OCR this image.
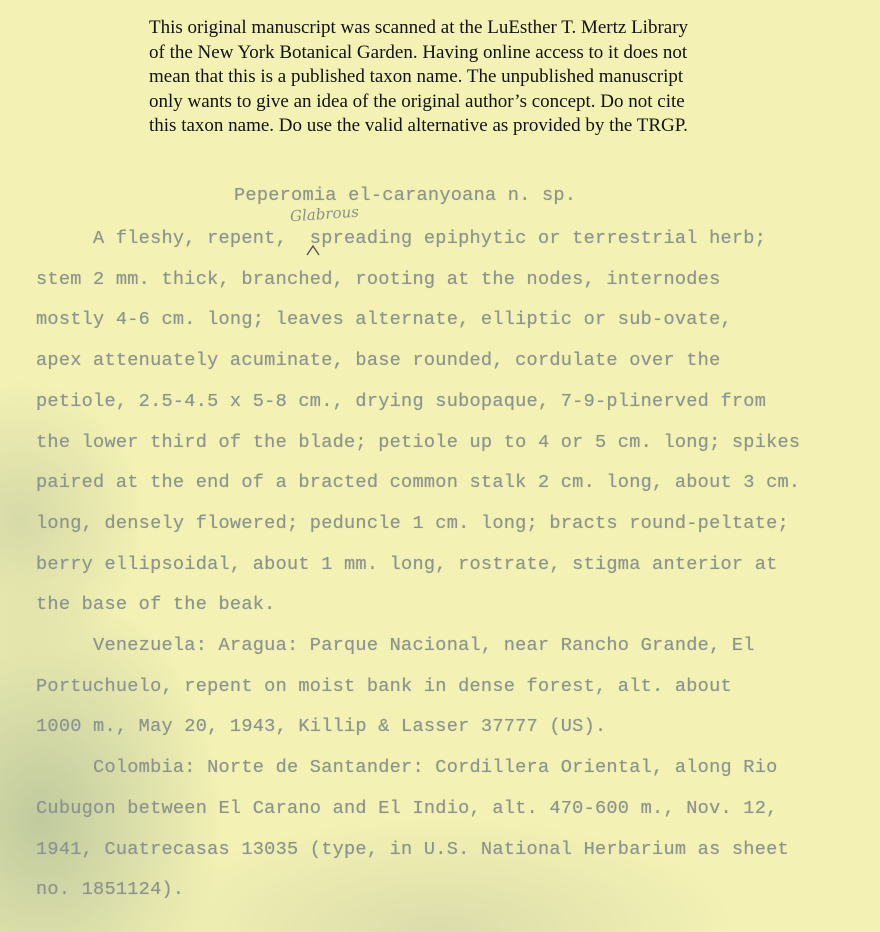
This original manuscript was scanned at the LuEsther T. Mertz Library
of the New York Botanical Garden. Having online access to it does not
mean that this is a published taxon name. The unpublished manuscript
only wants to give an idea of the original author’s concept. Do not cite
this taxon name. Do use the valid alternative as provided by the TRGP.
Peperomia el-caranyoana n. sp.
Glabrous
A fleshy, repent,  spreading epiphytic or terrestrial herb;
stem 2 mm. thick, branched, rooting at the nodes, internodes
mostly 4-6 cm. long; leaves alternate, elliptic or sub-ovate,
apex attenuately acuminate, base rounded, cordulate over the
petiole, 2.5-4.5 x 5-8 cm., drying subopaque, 7-9-plinerved from
the lower third of the blade; petiole up to 4 or 5 cm. long; spikes
paired at the end of a bracted common stalk 2 cm. long, about 3 cm.
long, densely flowered; peduncle 1 cm. long; bracts round-peltate;
berry ellipsoidal, about 1 mm. long, rostrate, stigma anterior at
the base of the beak.
Venezuela: Aragua: Parque Nacional, near Rancho Grande, El
Portuchuelo, repent on moist bank in dense forest, alt. about
1000 m., May 20, 1943, Killip & Lasser 37777 (US).
Colombia: Norte de Santander: Cordillera Oriental, along Rio
Cubugon between El Carano and El Indio, alt. 470-600 m., Nov. 12,
1941, Cuatrecasas 13035 (type, in U.S. National Herbarium as sheet
no. 1851124).
